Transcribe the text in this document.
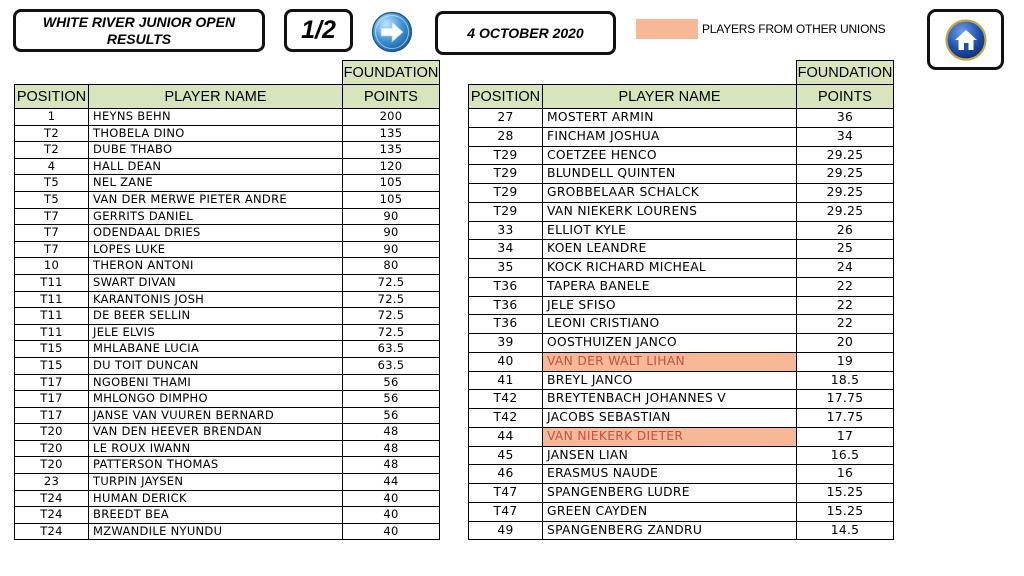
WHITE RIVER JUNIOR OPEN RESULTS	1/2	4 OCTOBER 2020	PLAYERS FROM OTHER UNIONS
		FOUNDATION
POSITION	PLAYER NAME	POINTS
1	HEYNS BEHN	200
T2	THOBELA DINO	135
T2	DUBE THABO	135
4	HALL DEAN	120
T5	NEL ZANE	105
T5	VAN DER MERWE PIETER ANDRE	105
T7	GERRITS DANIEL	90
T7	ODENDAAL DRIES	90
T7	LOPES LUKE	90
10	THERON ANTONI	80
T11	SWART DIVAN	72.5
T11	KARANTONIS JOSH	72.5
T11	DE BEER SELLIN	72.5
T11	JELE ELVIS	72.5
T15	MHLABANE LUCIA	63.5
T15	DU TOIT DUNCAN	63.5
T17	NGOBENI THAMI	56
T17	MHLONGO DIMPHO	56
T17	JANSE VAN VUUREN BERNARD	56
T20	VAN DEN HEEVER BRENDAN	48
T20	LE ROUX IWANN	48
T20	PATTERSON THOMAS	48
23	TURPIN JAYSEN	44
T24	HUMAN DERICK	40
T24	BREEDT BEA	40
T24	MZWANDILE NYUNDU	40
		FOUNDATION
POSITION	PLAYER NAME	POINTS
27	MOSTERT ARMIN	36
28	FINCHAM JOSHUA	34
T29	COETZEE HENCO	29.25
T29	BLUNDELL QUINTEN	29.25
T29	GROBBELAAR SCHALCK	29.25
T29	VAN NIEKERK LOURENS	29.25
33	ELLIOT KYLE	26
34	KOEN LEANDRE	25
35	KOCK RICHARD MICHEAL	24
T36	TAPERA BANELE	22
T36	JELE SFISO	22
T36	LEONI CRISTIANO	22
39	OOSTHUIZEN JANCO	20
40	VAN DER WALT LIHAN	19
41	BREYL JANCO	18.5
T42	BREYTENBACH JOHANNES V	17.75
T42	JACOBS SEBASTIAN	17.75
44	VAN NIEKERK DIETER	17
45	JANSEN LIAN	16.5
46	ERASMUS NAUDE	16
T47	SPANGENBERG LUDRE	15.25
T47	GREEN CAYDEN	15.25
49	SPANGENBERG ZANDRU	14.5
